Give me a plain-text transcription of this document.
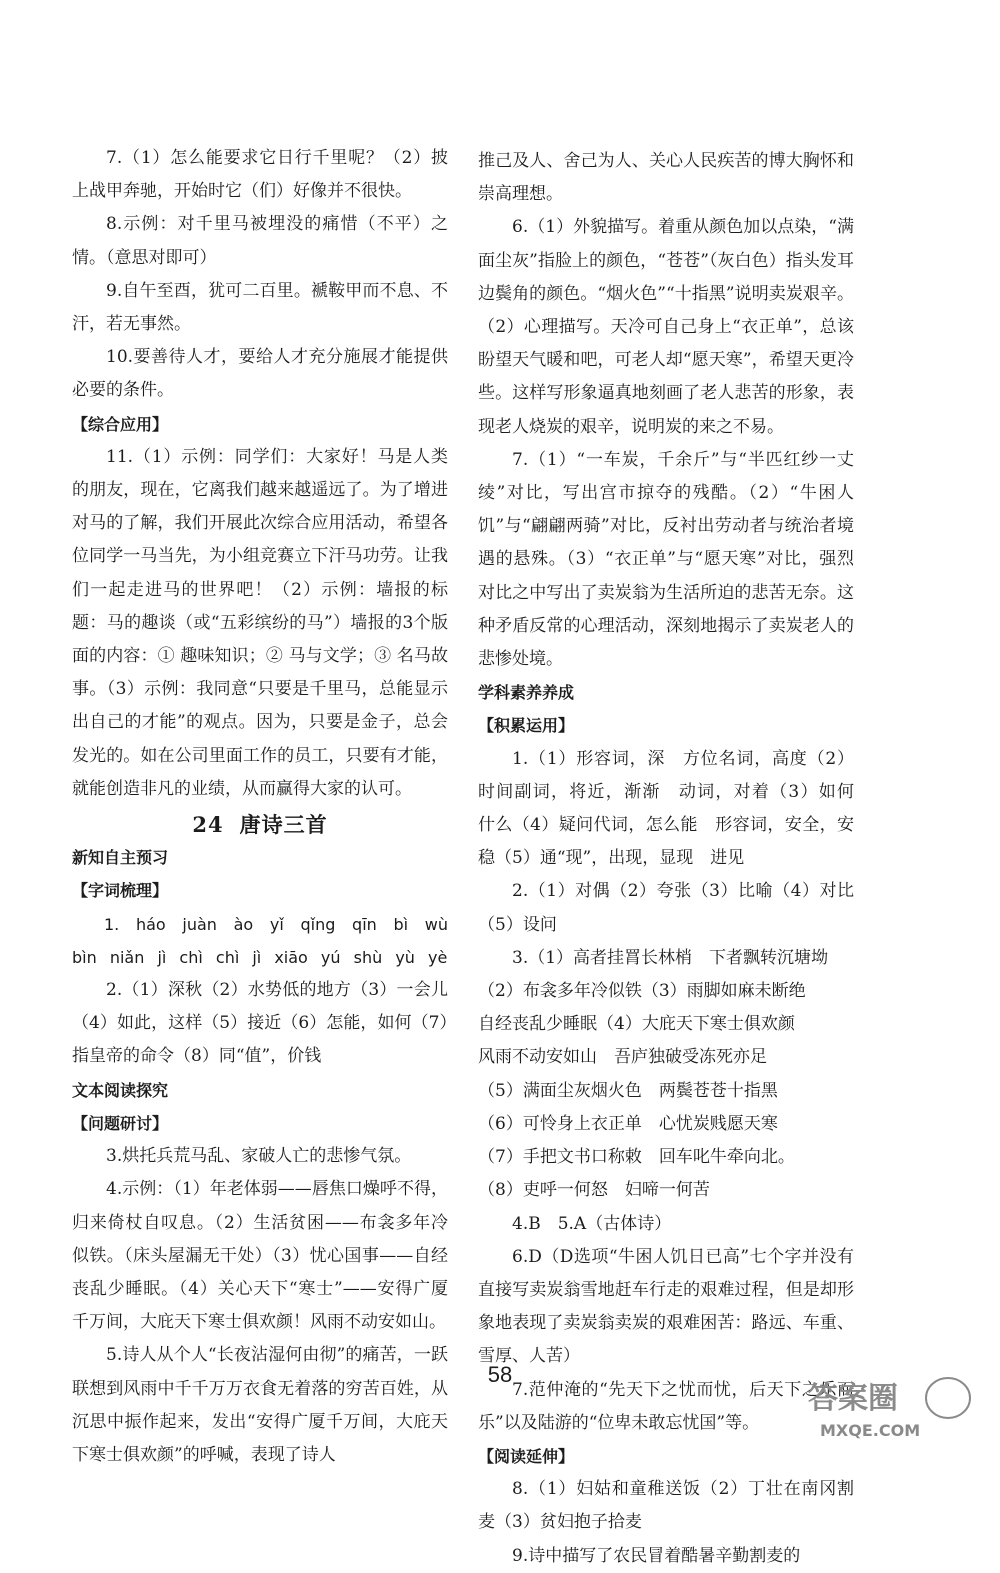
7.（1）怎么能要求它日行千里呢？（2）披上战甲奔驰，开始时它（们）好像并不很快。

8.示例：对千里马被埋没的痛惜（不平）之情。（意思对即可）

9.自午至酉，犹可二百里。褫鞍甲而不息、不汗，若无事然。

10.要善待人才，要给人才充分施展才能提供必要的条件。

【综合应用】

11.（1）示例：同学们：大家好！马是人类的朋友，现在，它离我们越来越遥远了。为了增进对马的了解，我们开展此次综合应用活动，希望各位同学一马当先，为小组竞赛立下汗马功劳。让我们一起走进马的世界吧！（2）示例：墙报的标题：马的趣谈（或“五彩缤纷的马”）墙报的3个版面的内容：① 趣味知识；② 马与文学；③ 名马故事。（3）示例：我同意“只要是千里马，总能显示出自己的才能”的观点。因为，只要是金子，总会发光的。如在公司里面工作的员工，只要有才能，就能创造非凡的业绩，从而赢得大家的认可。

24 唐诗三首

新知自主预习

【字词梳理】

1. háo juàn ào yǐ qǐng qīn bì wù bìn niǎn jì chì chì jì xiāo yú shù yù yè

2.（1）深秋（2）水势低的地方（3）一会儿（4）如此，这样（5）接近（6）怎能，如何（7）指皇帝的命令（8）同“值”，价钱

文本阅读探究

【问题研讨】

3.烘托兵荒马乱、家破人亡的悲惨气氛。

4.示例：（1）年老体弱——唇焦口燥呼不得，归来倚杖自叹息。（2）生活贫困——布衾多年冷似铁。（床头屋漏无干处）（3）忧心国事——自经丧乱少睡眠。（4）关心天下“寒士”——安得广厦千万间，大庇天下寒士俱欢颜！风雨不动安如山。

5.诗人从个人“长夜沾湿何由彻”的痛苦，一跃联想到风雨中千千万万衣食无着落的穷苦百姓，从沉思中振作起来，发出“安得广厦千万间，大庇天下寒士俱欢颜”的呼喊，表现了诗人

推己及人、舍己为人、关心人民疾苦的博大胸怀和崇高理想。

6.（1）外貌描写。着重从颜色加以点染，“满面尘灰”指脸上的颜色，“苍苍”（灰白色）指头发耳边鬓角的颜色。“烟火色”“十指黑”说明卖炭艰辛。（2）心理描写。天冷可自己身上“衣正单”，总该盼望天气暖和吧，可老人却“愿天寒”，希望天更冷些。这样写形象逼真地刻画了老人悲苦的形象，表现老人烧炭的艰辛，说明炭的来之不易。

7.（1）“一车炭，千余斤”与“半匹红纱一丈绫”对比，写出宫市掠夺的残酷。（2）“牛困人饥”与“翩翩两骑”对比，反衬出劳动者与统治者境遇的悬殊。（3）“衣正单”与“愿天寒”对比，强烈对比之中写出了卖炭翁为生活所迫的悲苦无奈。这种矛盾反常的心理活动，深刻地揭示了卖炭老人的悲惨处境。

学科素养养成

【积累运用】

1.（1）形容词，深　方位名词，高度（2）时间副词，将近，渐渐　动词，对着（3）如何　什么（4）疑问代词，怎么能　形容词，安全，安稳（5）通“现”，出现，显现　进见

2.（1）对偶（2）夸张（3）比喻（4）对比（5）设问

3.（1）高者挂罥长林梢　下者飘转沉塘坳

（2）布衾多年冷似铁（3）雨脚如麻未断绝

自经丧乱少睡眠（4）大庇天下寒士俱欢颜

风雨不动安如山　吾庐独破受冻死亦足

（5）满面尘灰烟火色　两鬓苍苍十指黑

（6）可怜身上衣正单　心忧炭贱愿天寒

（7）手把文书口称敕　回车叱牛牵向北。

（8）吏呼一何怒　妇啼一何苦

4.B　5.A（古体诗）

6.D（D选项“牛困人饥日已高”七个字并没有直接写卖炭翁雪地赶车行走的艰难过程，但是却形象地表现了卖炭翁卖炭的艰难困苦：路远、车重、雪厚、人苦）

7.范仲淹的“先天下之忧而忧，后天下之乐而乐”以及陆游的“位卑未敢忘忧国”等。

【阅读延伸】

8.（1）妇姑和童稚送饭（2）丁壮在南冈割麦（3）贫妇抱子拾麦

9.诗中描写了农民冒着酷暑辛勤割麦的

58
答案圈
MXQE.COM
